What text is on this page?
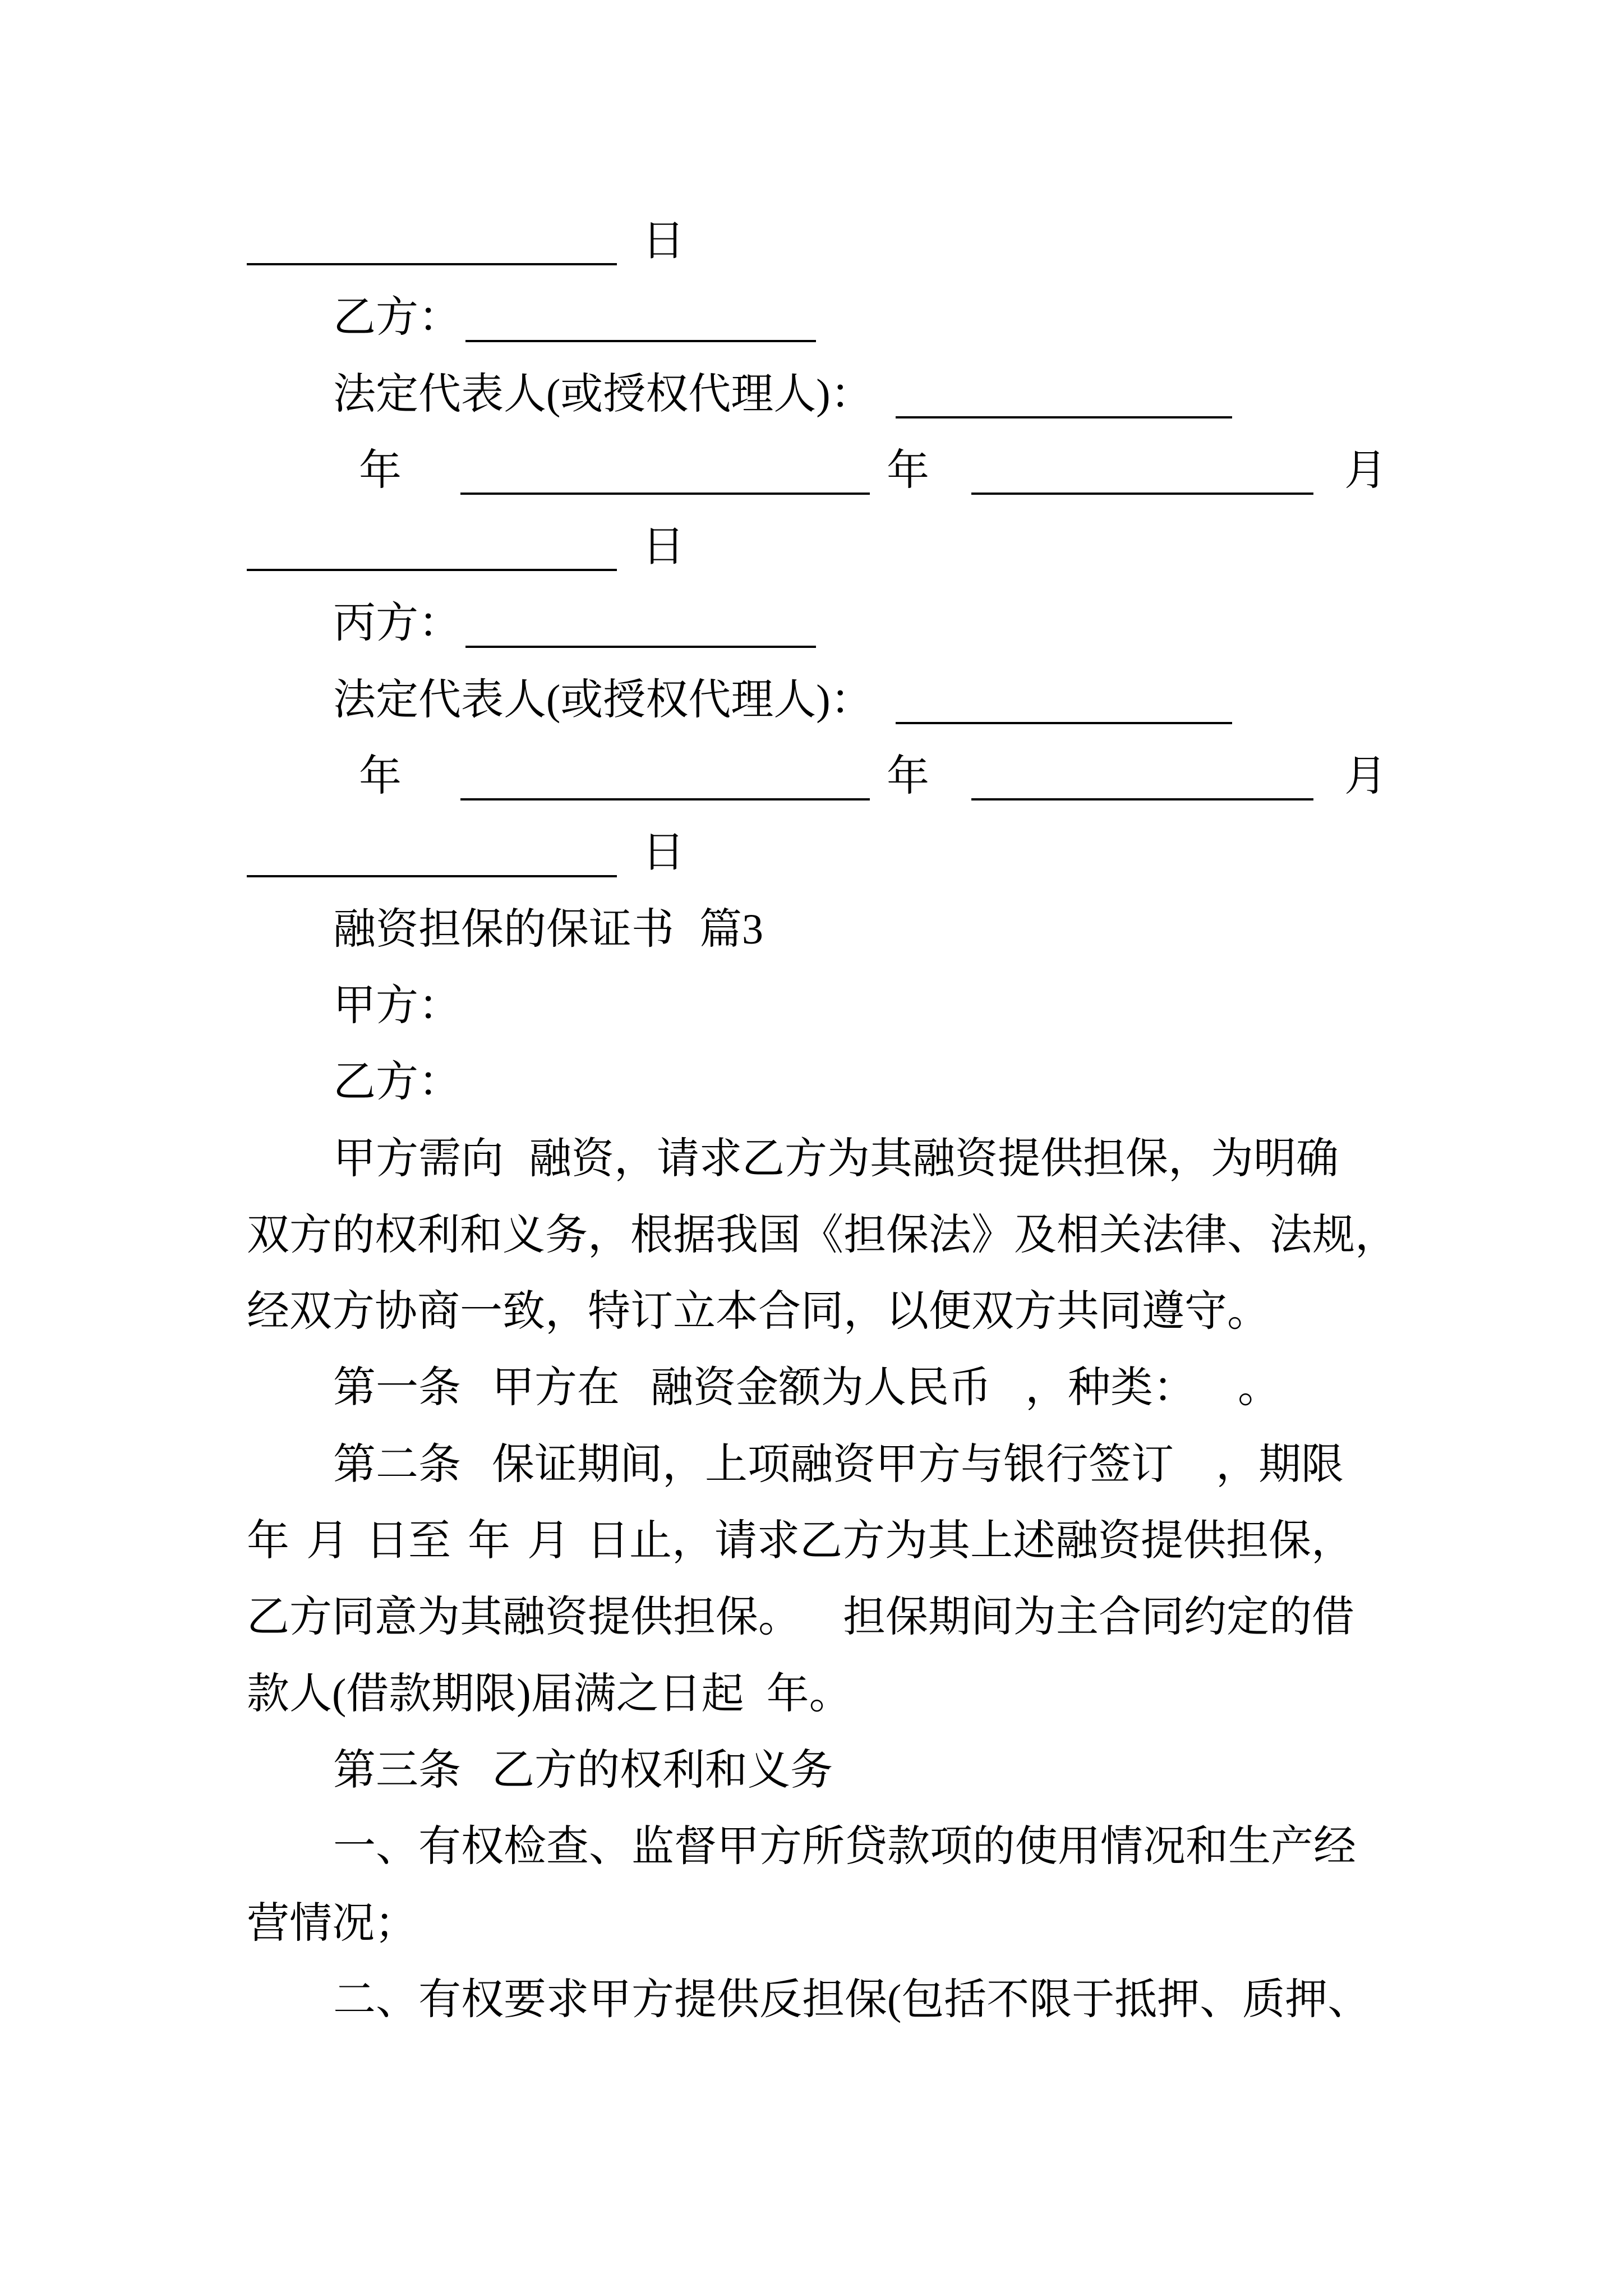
日
乙方：
法定代表人(或授权代理人)：
年	年	月
日
丙方：
法定代表人(或授权代理人)：
年	年	月
日
融资担保的保证书 篇3
甲方：
乙方：
甲方需向 融资，请求乙方为其融资提供担保，为明确
双方的权利和义务，根据我国《担保法》及相关法律、法规，
经双方协商一致，特订立本合同，以便双方共同遵守。
第一条 甲方在 融资金额为人民币 ，种类： 。
第二条 保证期间，上项融资甲方与银行签订 ，期限
年 月 日至 年 月 日止，请求乙方为其上述融资提供担保，
乙方同意为其融资提供担保。 担保期间为主合同约定的借
款人(借款期限)届满之日起 年。
第三条 乙方的权利和义务
一、有权检查、监督甲方所贷款项的使用情况和生产经
营情况；
二、有权要求甲方提供反担保(包括不限于抵押、质押、
